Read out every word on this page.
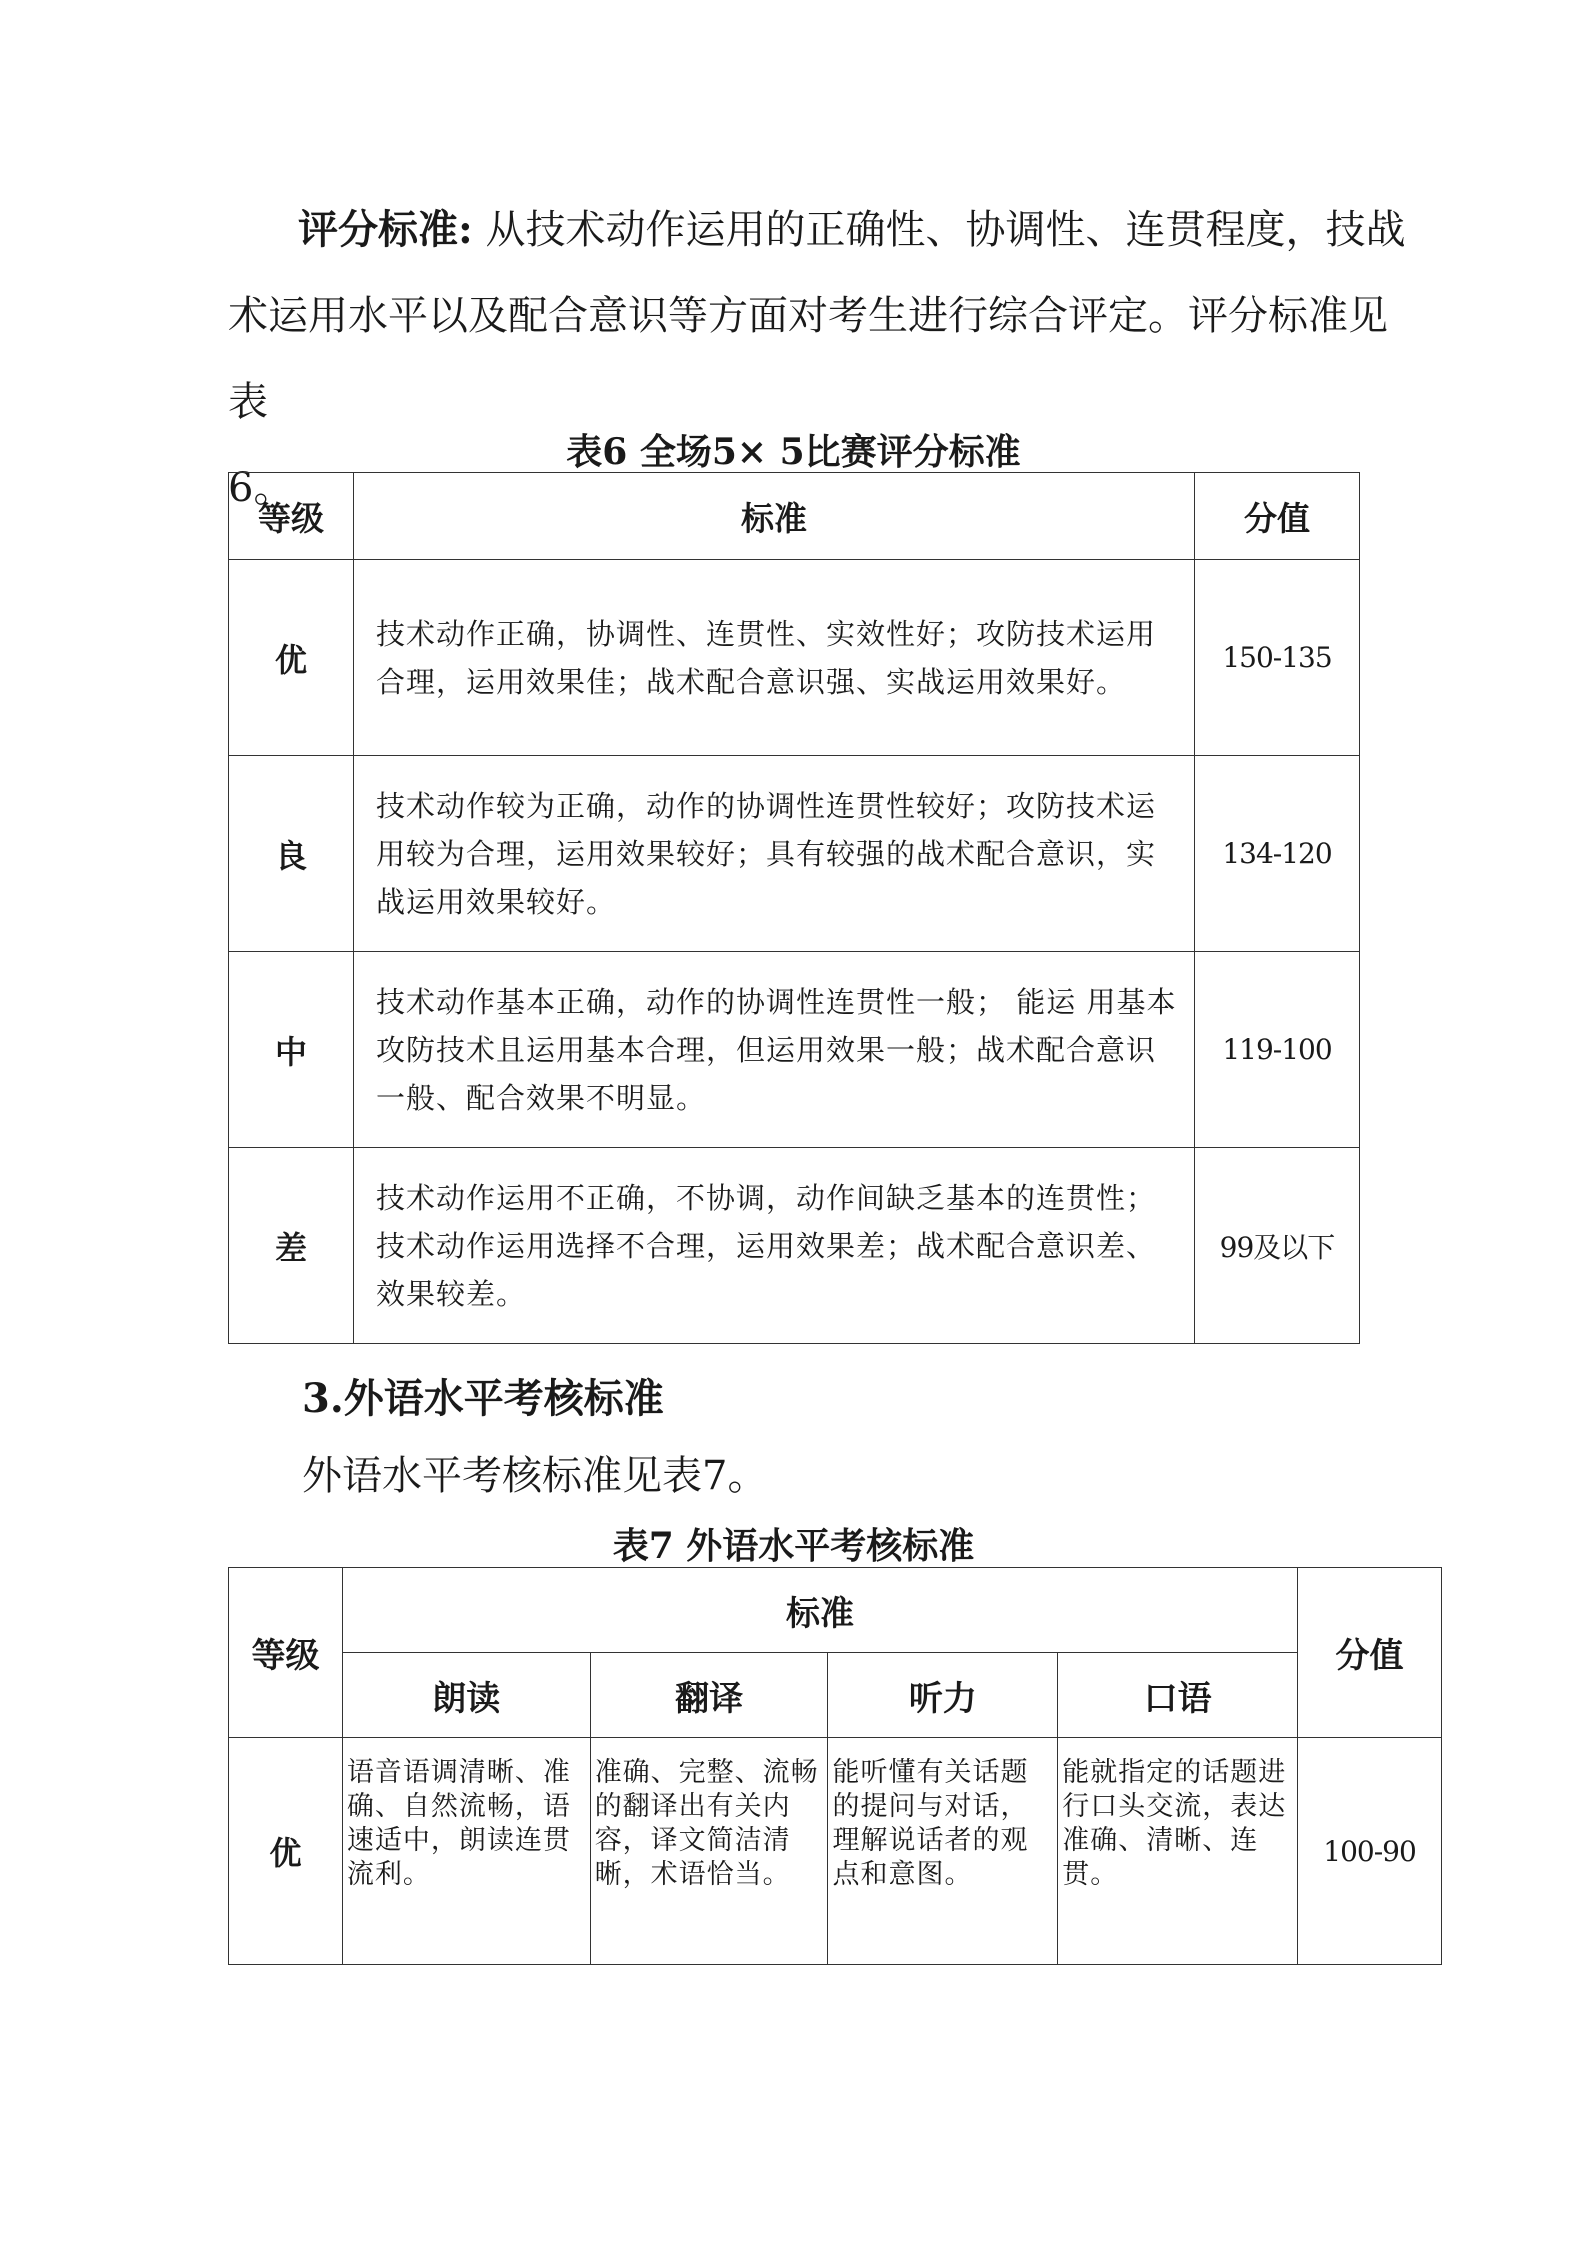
评分标准: 从技术动作运用的正确性、协调性、连贯程度，技战
术运用水平以及配合意识等方面对考生进行综合评定。评分标准见表
6。

表6 全场5× 5比赛评分标准

等级	标准	分值
优	技术动作正确，协调性、连贯性、实效性好；攻防技术运用合理，运用效果佳；战术配合意识强、实战运用效果好。	150-135
良	技术动作较为正确，动作的协调性连贯性较好；攻防技术运用较为合理，运用效果较好；具有较强的战术配合意识，实战运用效果较好。	134-120
中	技术动作基本正确，动作的协调性连贯性一般； 能运 用基本攻防技术且运用基本合理，但运用效果一般；战术配合意识一般、配合效果不明显。	119-100
差	技术动作运用不正确，不协调，动作间缺乏基本的连贯性；技术动作运用选择不合理，运用效果差；战术配合意识差、效果较差。	99及以下

3.外语水平考核标准

外语水平考核标准见表7。

表7 外语水平考核标准

等级	标准				分值
	朗读	翻译	听力	口语	
优	语音语调清晰、准确、自然流畅，语速适中，朗读连贯流利。	准确、完整、流畅的翻译出有关内容，译文简洁清晰，术语恰当。	能听懂有关话题的提问与对话，理解说话者的观点和意图。	能就指定的话题进行口头交流，表达准确、清晰、连贯。	100-90
